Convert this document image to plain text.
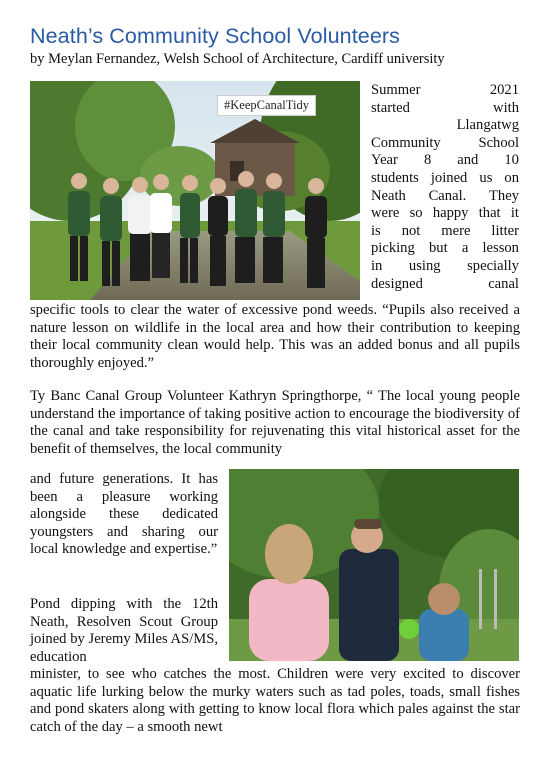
Neath’s Community School Volunteers

by Meylan Fernandez, Welsh School of Architecture, Cardiff university

#KeepCanalTidy
Summer	2021
started	with
Llangatwg
Community	School
Year 8 and 10
students joined us on
Neath Canal. They
were so happy that it
is not mere litter
picking but a lesson
in using specially
designed	canal

specific tools to clear the water of excessive pond weeds. “Pupils also received a nature lesson on wildlife in the local area and how their contribution to keeping their local community clean would help. This was an added bonus and all pupils thoroughly enjoyed.”

Ty Banc Canal Group Volunteer Kathryn Springthorpe, “ The local young people understand the importance of taking positive action to encourage the biodiversity of the canal and take responsibility for rejuvenating this vital historical asset for the benefit of themselves, the local community

and future generations. It has been a pleasure working alongside these dedicated youngsters and sharing our local knowledge and expertise.”

Pond dipping with the 12th Neath, Resolven Scout Group joined by Jeremy Miles AS/MS, education

minister, to see who catches the most. Children were very excited to discover aquatic life lurking below the murky waters such as tad poles, toads, small fishes and pond skaters along with getting to know local flora which pales against the star catch of the day – a smooth newt
